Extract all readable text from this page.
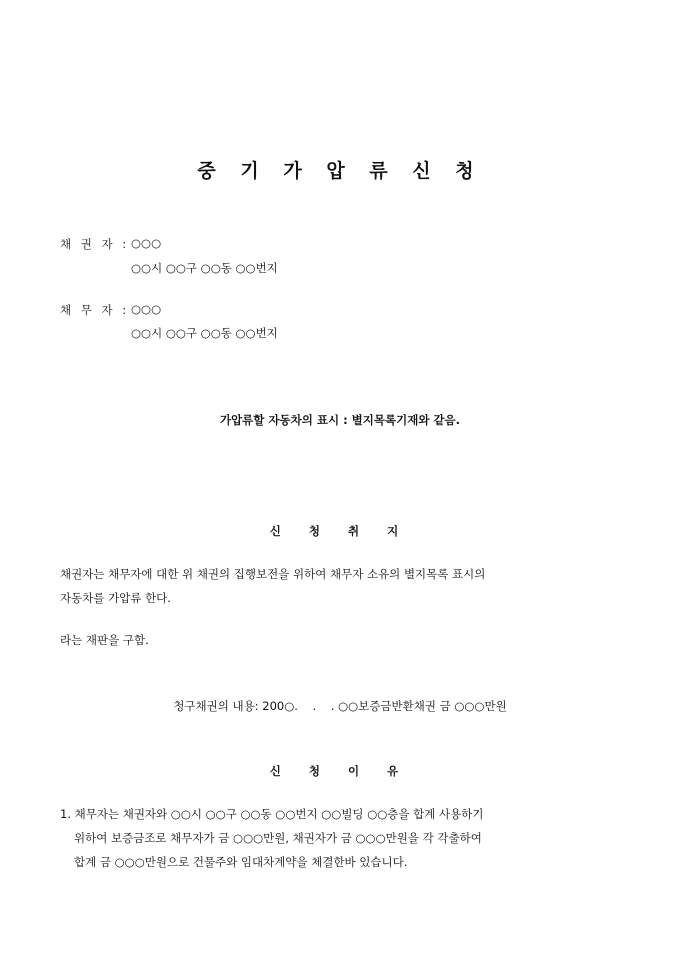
중 기 가 압 류 신 청
채 권 자 : ○○○
○○시 ○○구 ○○동 ○○번지
채 무 자 : ○○○
○○시 ○○구 ○○동 ○○번지
가압류할 자동차의 표시 : 별지목록기재와 같음.
신 청 취 지
채권자는 채무자에 대한 위 채권의 집행보전을 위하여 채무자 소유의 별지목록 표시의
자동차를 가압류 한다.
라는 재판을 구함.
청구채권의 내용: 200○.    .    . ○○보증금반환채권 금 ○○○만원
신 청 이 유
1. 채무자는 채권자와 ○○시 ○○구 ○○동 ○○번지 ○○빌딩 ○○층을 합계 사용하기
위하여 보증금조로 채무자가 금 ○○○만원, 채권자가 금 ○○○만원을 각 각출하여
합계 금 ○○○만원으로 건물주와 임대차계약을 체결한바 있습니다.
